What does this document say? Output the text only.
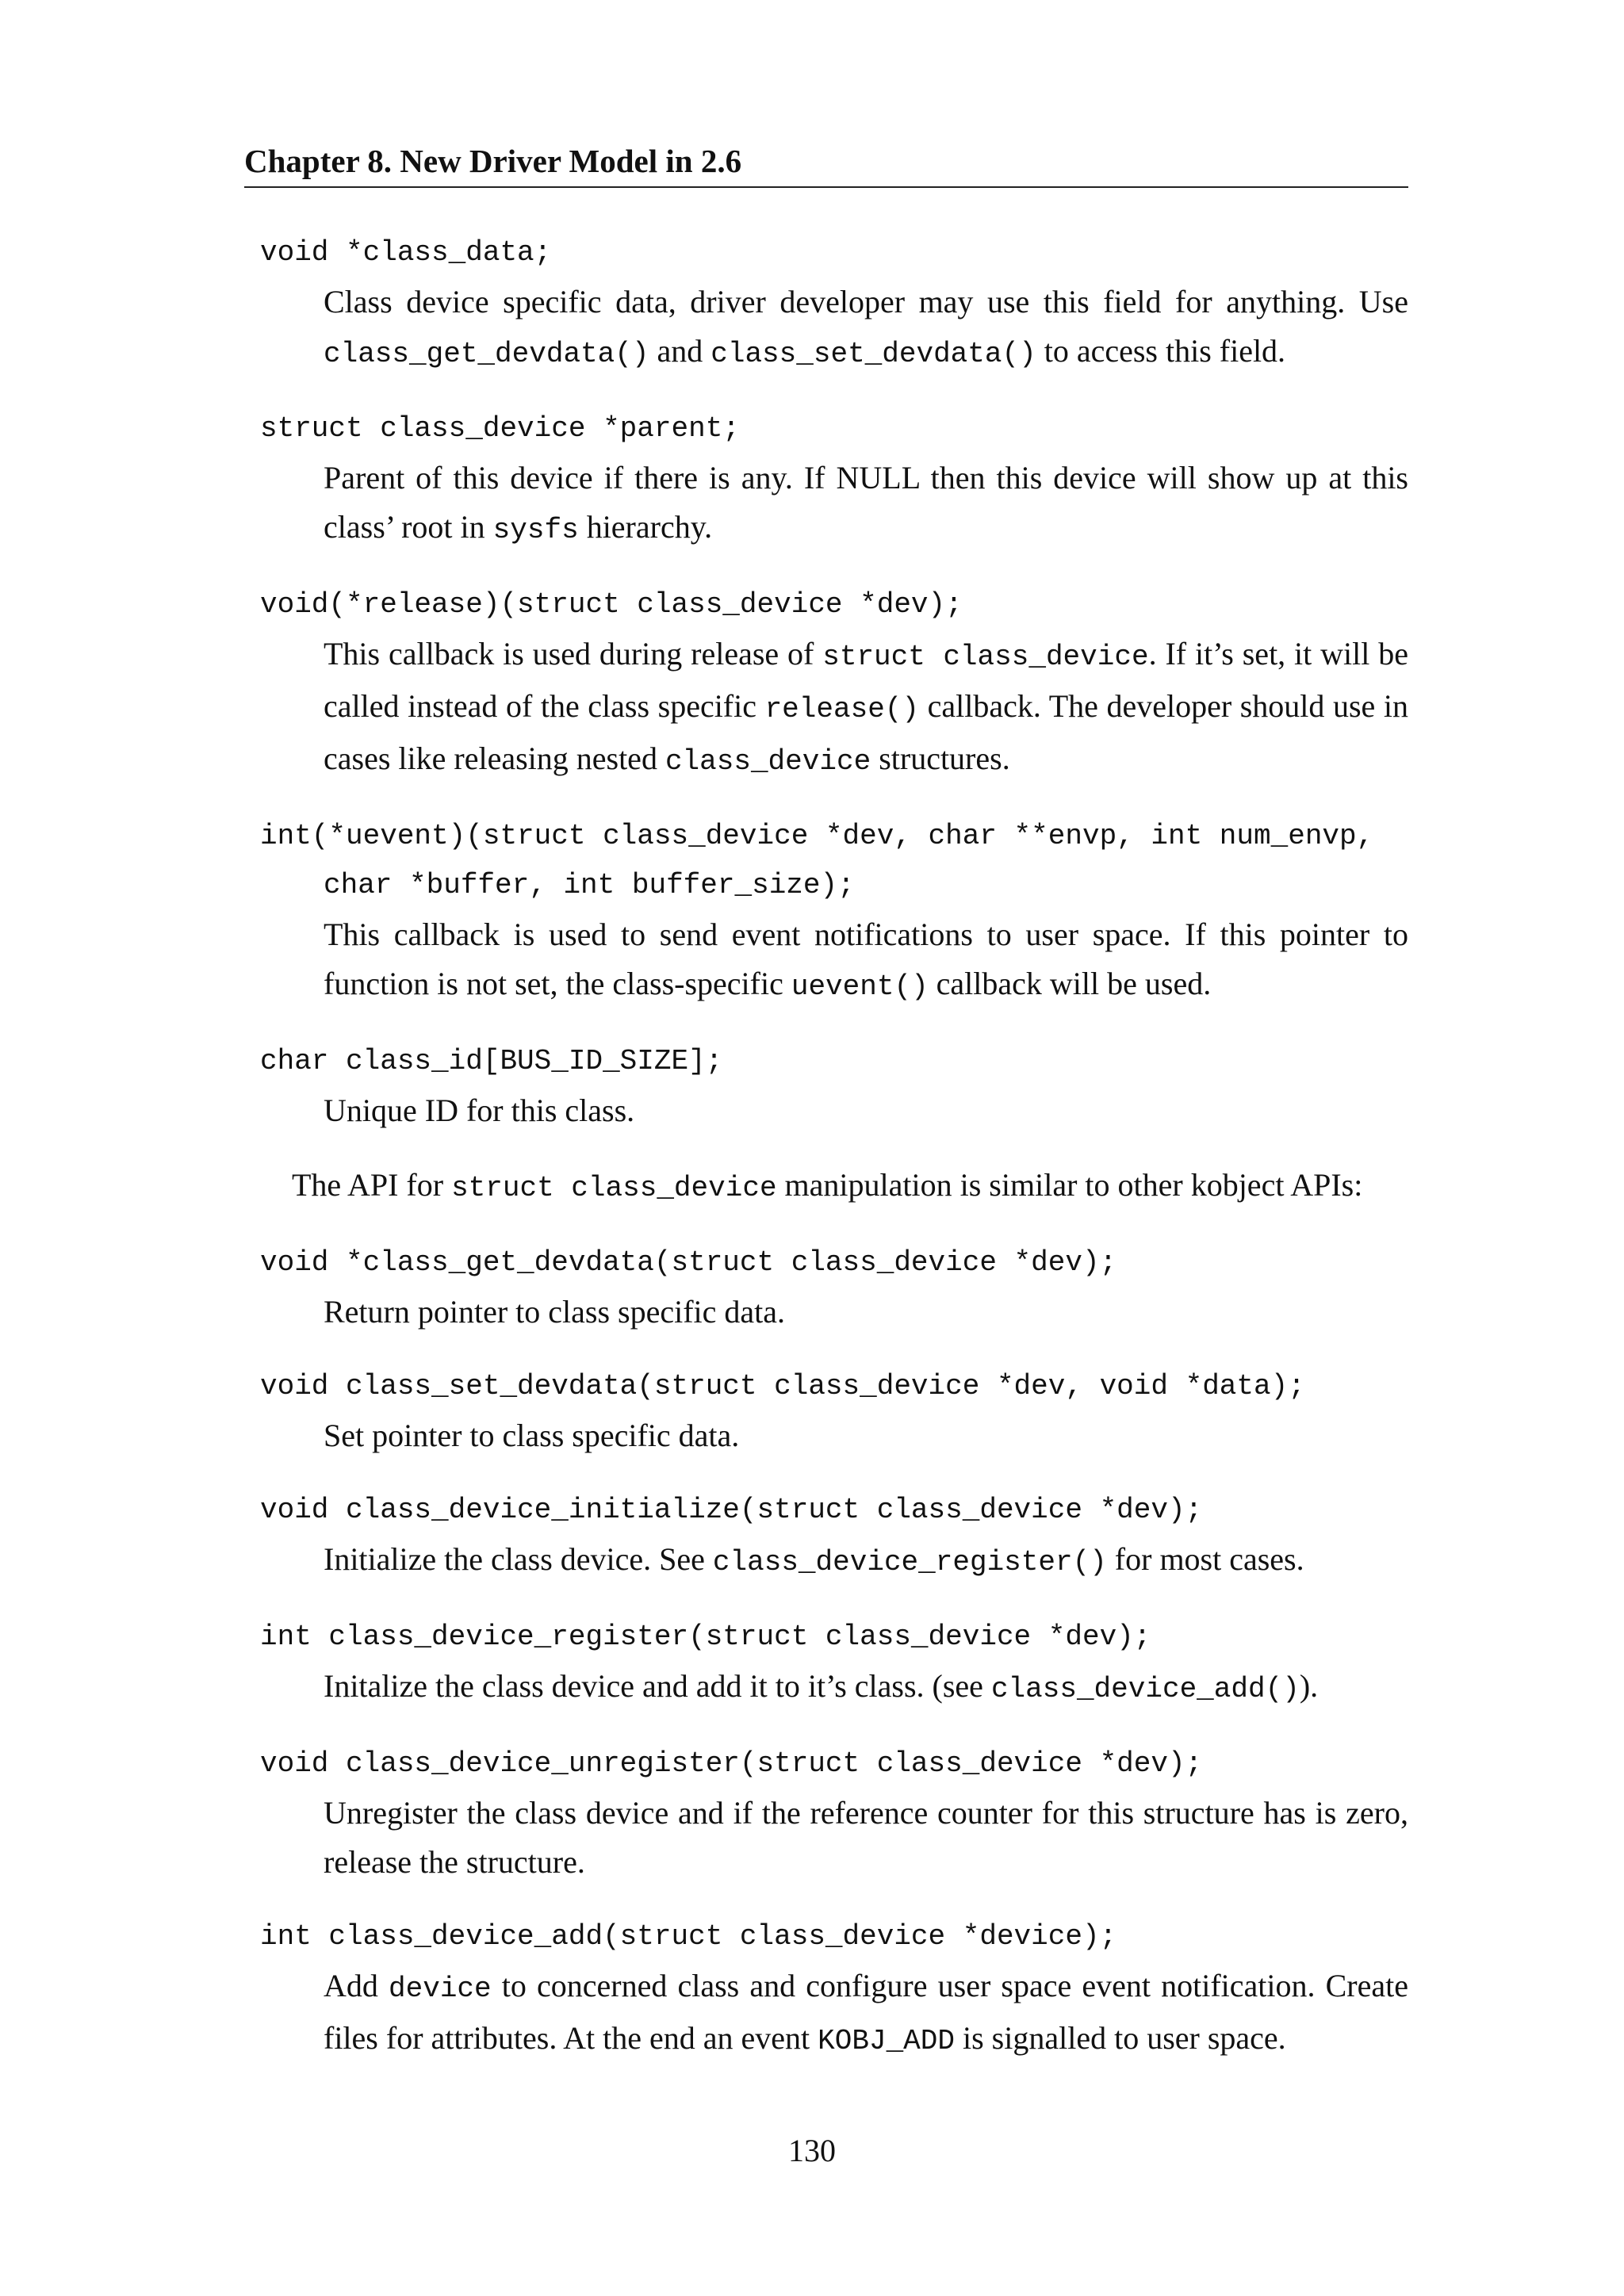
Chapter 8. New Driver Model in 2.6
void *class_data;
Class device specific data, driver developer may use this field for anything. Use class_get_devdata() and class_set_devdata() to access this field.
struct class_device *parent;
Parent of this device if there is any. If NULL then this device will show up at this class’ root in sysfs hierarchy.
void(*release)(struct class_device *dev);
This callback is used during release of struct class_device. If it’s set, it will be called instead of the class specific release() callback. The developer should use in cases like releasing nested class_device structures.
int(*uevent)(struct class_device *dev, char **envp, int num_envp, char *buffer, int buffer_size);
This callback is used to send event notifications to user space. If this pointer to function is not set, the class-specific uevent() callback will be used.
char class_id[BUS_ID_SIZE];
Unique ID for this class.
The API for struct class_device manipulation is similar to other kobject APIs:
void *class_get_devdata(struct class_device *dev);
Return pointer to class specific data.
void class_set_devdata(struct class_device *dev, void *data);
Set pointer to class specific data.
void class_device_initialize(struct class_device *dev);
Initialize the class device. See class_device_register() for most cases.
int class_device_register(struct class_device *dev);
Initalize the class device and add it to it’s class. (see class_device_add()).
void class_device_unregister(struct class_device *dev);
Unregister the class device and if the reference counter for this structure has is zero, release the structure.
int class_device_add(struct class_device *device);
Add device to concerned class and configure user space event notification. Create files for attributes. At the end an event KOBJ_ADD is signalled to user space.
130
